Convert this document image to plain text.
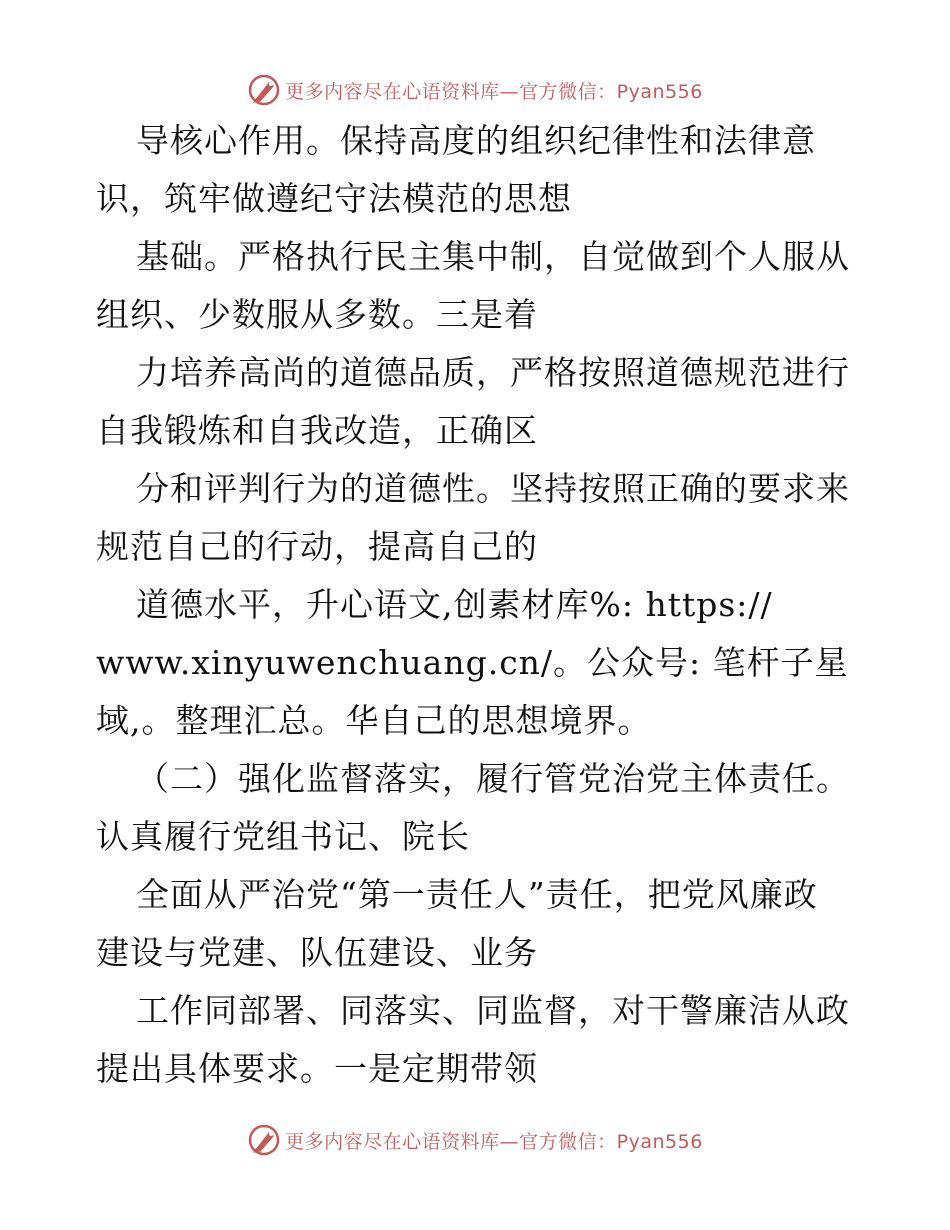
更多内容尽在心语资料库—官方微信：Pyan556
导核心作用。保持高度的组织纪律性和法律意
识，筑牢做遵纪守法模范的思想
基础。严格执行民主集中制，自觉做到个人服从
组织、少数服从多数。三是着
力培养高尚的道德品质，严格按照道德规范进行
自我锻炼和自我改造，正确区
分和评判行为的道德性。坚持按照正确的要求来
规范自己的行动，提高自己的
道德水平，升心语文,创素材库%: https://
www.xinyuwenchuang.cn/。公众号: 笔杆子星
域,。整理汇总。华自己的思想境界。
（二）强化监督落实，履行管党治党主体责任。
认真履行党组书记、院长
全面从严治党“第一责任人”责任，把党风廉政
建设与党建、队伍建设、业务
工作同部署、同落实、同监督，对干警廉洁从政
提出具体要求。一是定期带领
更多内容尽在心语资料库—官方微信：Pyan556
